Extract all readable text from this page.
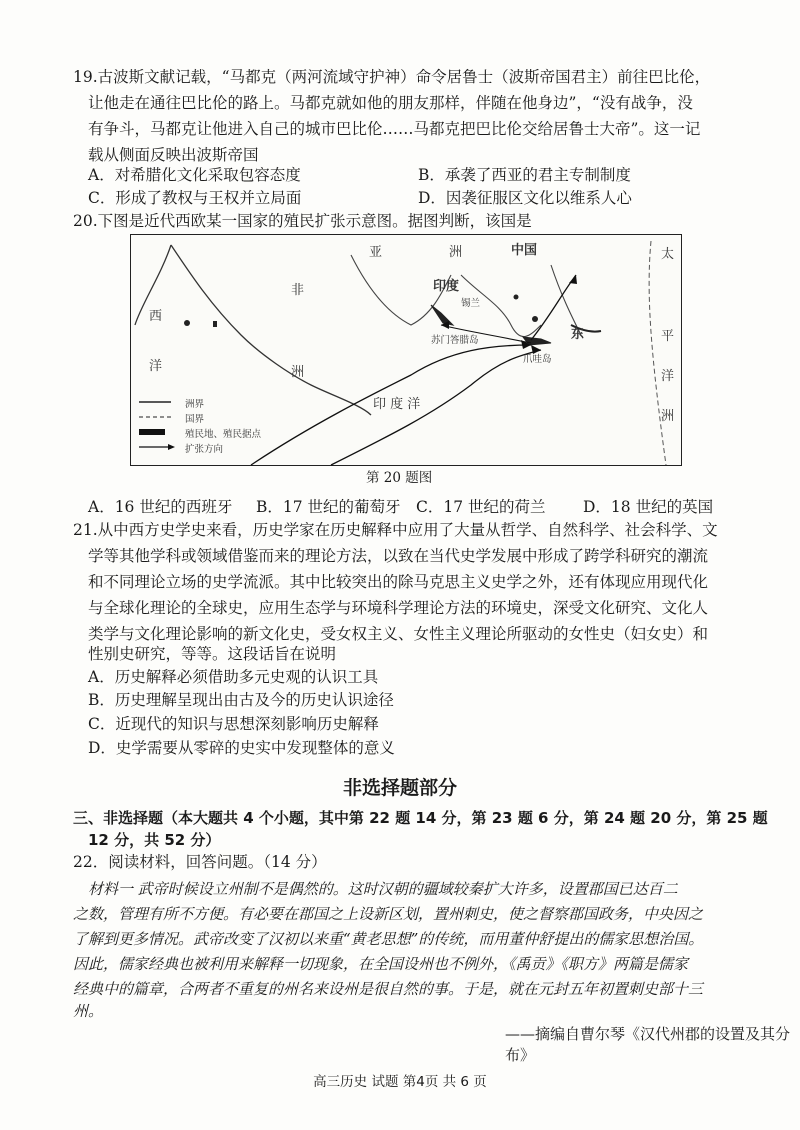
19.古波斯文献记载，“马都克（两河流域守护神）命令居鲁士（波斯帝国君主）前往巴比伦，
让他走在通往巴比伦的路上。马都克就如他的朋友那样，伴随在他身边”，“没有战争，没
有争斗，马都克让他进入自己的城市巴比伦……马都克把巴比伦交给居鲁士大帝”。这一记
载从侧面反映出波斯帝国
A．对希腊化文化采取包容态度	B．承袭了西亚的君主专制制度
C．形成了教权与王权并立局面	D．因袭征服区文化以维系人心
20.下图是近代西欧某一国家的殖民扩张示意图。据图判断，该国是
亚	洲	中国
印度
非
洲
印 度 洋
太
平
洋
洲
苏门答腊岛
爪哇岛
西
东
锡兰
洋
洲界
国界
殖民地、殖民据点
扩张方向
第 20 题图
A．16 世纪的西班牙 B．17 世纪的葡萄牙 C．17 世纪的荷兰 D．18 世纪的英国
21.从中西方史学史来看，历史学家在历史解释中应用了大量从哲学、自然科学、社会科学、文
学等其他学科或领域借鉴而来的理论方法，以致在当代史学发展中形成了跨学科研究的潮流
和不同理论立场的史学流派。其中比较突出的除马克思主义史学之外，还有体现应用现代化
与全球化理论的全球史，应用生态学与环境科学理论方法的环境史，深受文化研究、文化人
类学与文化理论影响的新文化史，受女权主义、女性主义理论所驱动的女性史（妇女史）和
性别史研究，等等。这段话旨在说明
A．历史解释必须借助多元史观的认识工具
B．历史理解呈现出由古及今的历史认识途径
C．近现代的知识与思想深刻影响历史解释
D．史学需要从零碎的史实中发现整体的意义
非选择题部分
三、非选择题（本大题共 4 个小题，其中第 22 题 14 分，第 23 题 6 分，第 24 题 20 分，第 25 题
12 分，共 52 分）
22．阅读材料，回答问题。（14 分）
材料一 武帝时候设立州制不是偶然的。这时汉朝的疆域较秦扩大许多，设置郡国已达百二
之数，管理有所不方便。有必要在郡国之上设新区划，置州刺史，使之督察郡国政务，中央因之
了解到更多情况。武帝改变了汉初以来重“黄老思想”的传统，而用董仲舒提出的儒家思想治国。
因此，儒家经典也被利用来解释一切现象，在全国设州也不例外，《禹贡》《职方》两篇是儒家
经典中的篇章，合两者不重复的州名来设州是很自然的事。于是，就在元封五年初置刺史部十三
州。
——摘编自曹尔琴《汉代州郡的设置及其分布》
高三历史 试题 第4页 共 6 页
